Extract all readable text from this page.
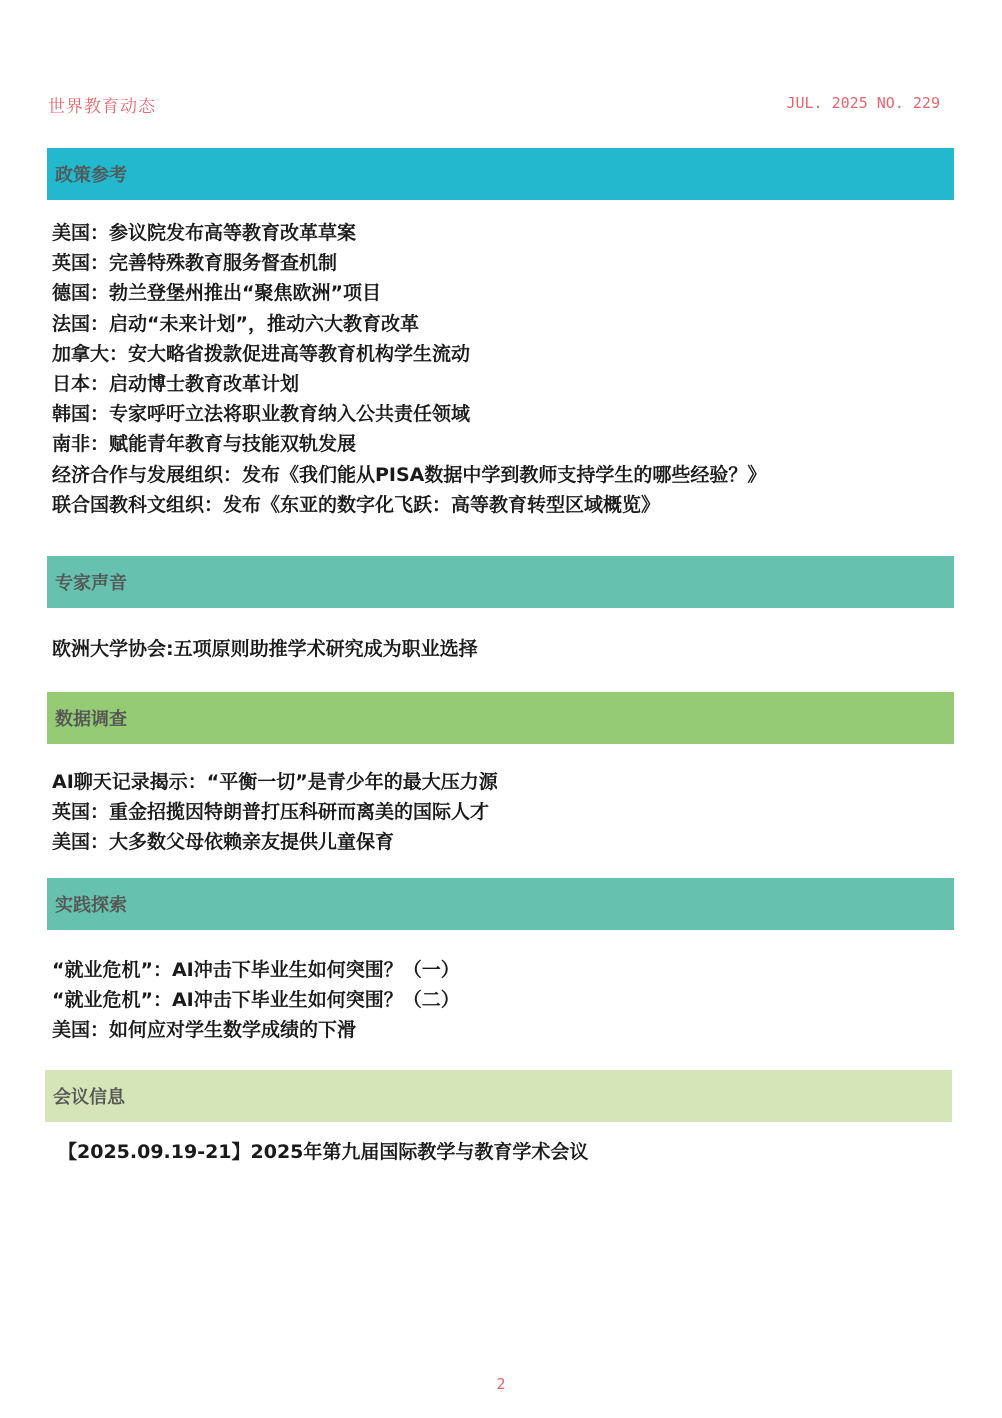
世界教育动态	JUL. 2025 NO. 229
政策参考
美国：参议院发布高等教育改革草案
英国：完善特殊教育服务督查机制
德国：勃兰登堡州推出“聚焦欧洲”项目
法国：启动“未来计划”，推动六大教育改革
加拿大：安大略省拨款促进高等教育机构学生流动
日本：启动博士教育改革计划
韩国：专家呼吁立法将职业教育纳入公共责任领域
南非：赋能青年教育与技能双轨发展
经济合作与发展组织：发布《我们能从PISA数据中学到教师支持学生的哪些经验？》
联合国教科文组织：发布《东亚的数字化飞跃：高等教育转型区域概览》
专家声音
欧洲大学协会:五项原则助推学术研究成为职业选择
数据调查
AI聊天记录揭示：“平衡一切”是青少年的最大压力源
英国：重金招揽因特朗普打压科研而离美的国际人才
美国：大多数父母依赖亲友提供儿童保育
实践探索
“就业危机”：AI冲击下毕业生如何突围？（一）
“就业危机”：AI冲击下毕业生如何突围？（二）
美国：如何应对学生数学成绩的下滑
会议信息
【2025.09.19-21】2025年第九届国际教学与教育学术会议
2
